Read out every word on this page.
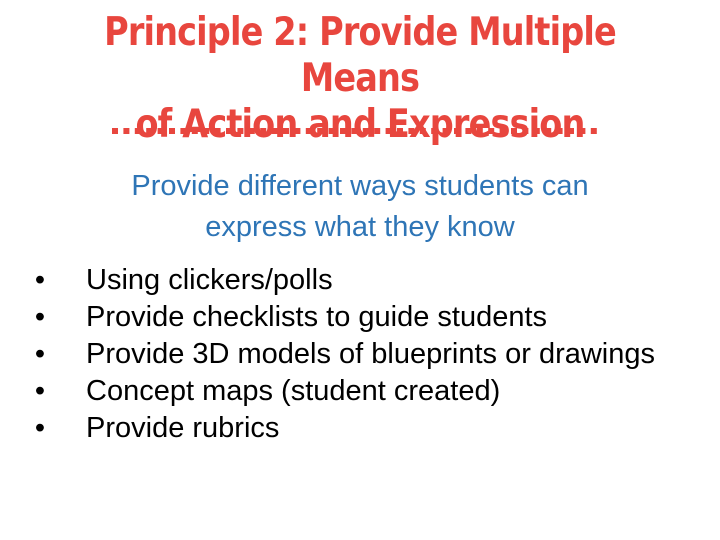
Principle 2: Provide Multiple Means
of Action and Expression
Provide different ways students can
express what they know
• Using clickers/polls
• Provide checklists to guide students
• Provide 3D models of blueprints or drawings
• Concept maps (student created)
• Provide rubrics
